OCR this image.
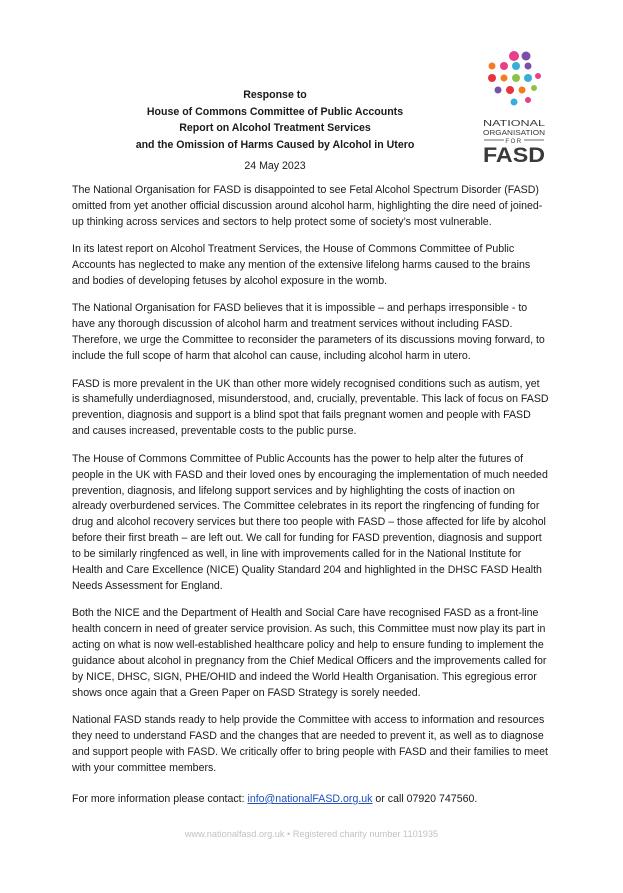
Response to
House of Commons Committee of Public Accounts
Report on Alcohol Treatment Services
and the Omission of Harms Caused by Alcohol in Utero
24 May 2023
NATIONAL
ORGANISATION
FOR
FASD

The National Organisation for FASD is disappointed to see Fetal Alcohol Spectrum Disorder (FASD) omitted from yet another official discussion around alcohol harm, highlighting the dire need of joined-up thinking across services and sectors to help protect some of society’s most vulnerable.

In its latest report on Alcohol Treatment Services, the House of Commons Committee of Public Accounts has neglected to make any mention of the extensive lifelong harms caused to the brains and bodies of developing fetuses by alcohol exposure in the womb.

The National Organisation for FASD believes that it is impossible – and perhaps irresponsible - to have any thorough discussion of alcohol harm and treatment services without including FASD. Therefore, we urge the Committee to reconsider the parameters of its discussions moving forward, to include the full scope of harm that alcohol can cause, including alcohol harm in utero.

FASD is more prevalent in the UK than other more widely recognised conditions such as autism, yet is shamefully underdiagnosed, misunderstood, and, crucially, preventable. This lack of focus on FASD prevention, diagnosis and support is a blind spot that fails pregnant women and people with FASD and causes increased, preventable costs to the public purse.

The House of Commons Committee of Public Accounts has the power to help alter the futures of people in the UK with FASD and their loved ones by encouraging the implementation of much needed prevention, diagnosis, and lifelong support services and by highlighting the costs of inaction on already overburdened services. The Committee celebrates in its report the ringfencing of funding for drug and alcohol recovery services but there too people with FASD – those affected for life by alcohol before their first breath – are left out. We call for funding for FASD prevention, diagnosis and support to be similarly ringfenced as well, in line with improvements called for in the National Institute for Health and Care Excellence (NICE) Quality Standard 204 and highlighted in the DHSC FASD Health Needs Assessment for England.

Both the NICE and the Department of Health and Social Care have recognised FASD as a front-line health concern in need of greater service provision. As such, this Committee must now play its part in acting on what is now well-established healthcare policy and help to ensure funding to implement the guidance about alcohol in pregnancy from the Chief Medical Officers and the improvements called for by NICE, DHSC, SIGN, PHE/OHID and indeed the World Health Organisation. This egregious error shows once again that a Green Paper on FASD Strategy is sorely needed.

National FASD stands ready to help provide the Committee with access to information and resources they need to understand FASD and the changes that are needed to prevent it, as well as to diagnose and support people with FASD. We critically offer to bring people with FASD and their families to meet with your committee members.

For more information please contact: info@nationalFASD.org.uk or call 07920 747560.

www.nationalfasd.org.uk • Registered charity number 1101935
